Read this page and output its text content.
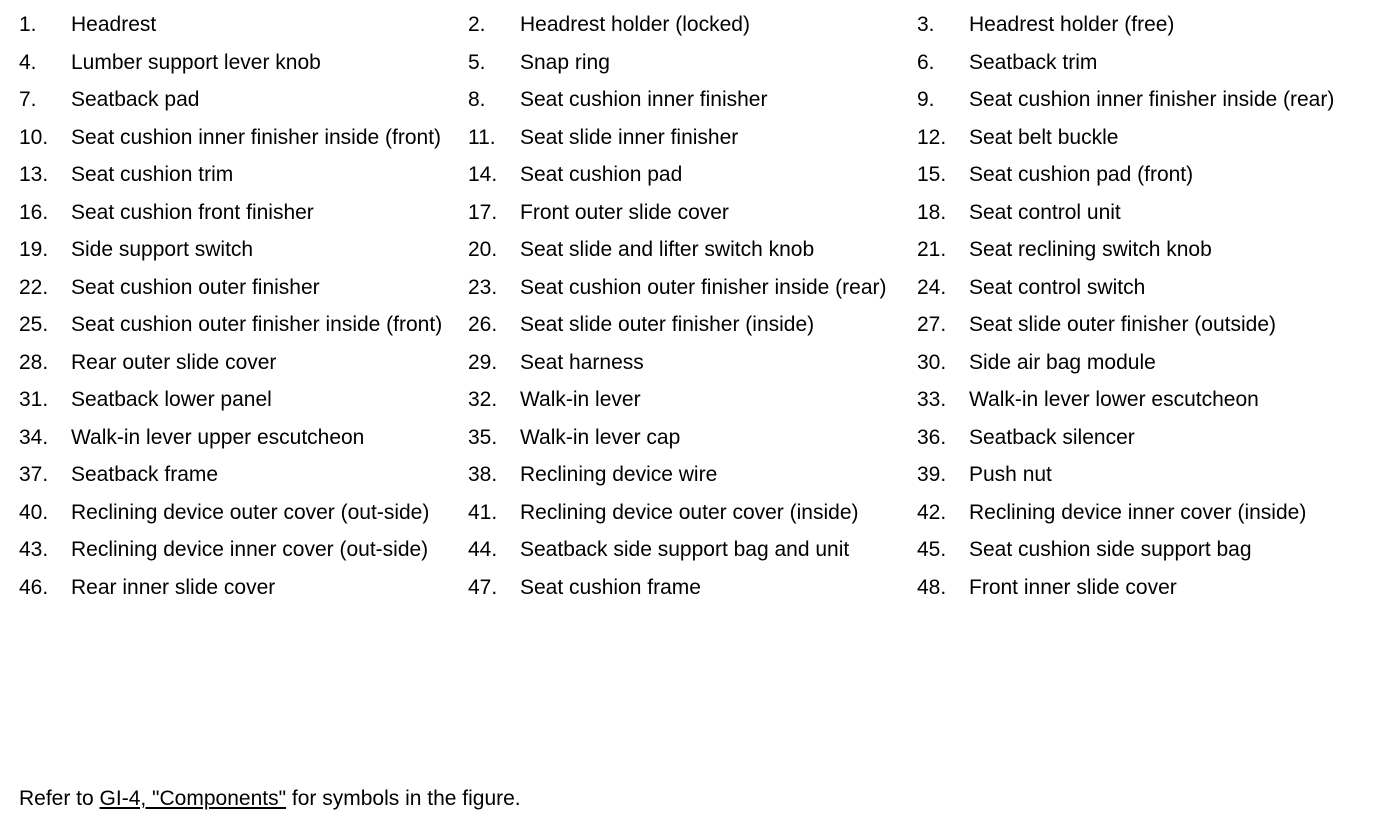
1.	Headrest	2.	Headrest holder (locked)	3.	Headrest holder (free)
4.	Lumber support lever knob	5.	Snap ring	6.	Seatback trim
7.	Seatback pad	8.	Seat cushion inner finisher	9.	Seat cushion inner finisher inside (rear)
10.	Seat cushion inner finisher inside (front)	11.	Seat slide inner finisher	12.	Seat belt buckle
13.	Seat cushion trim	14.	Seat cushion pad	15.	Seat cushion pad (front)
16.	Seat cushion front finisher	17.	Front outer slide cover	18.	Seat control unit
19.	Side support switch	20.	Seat slide and lifter switch knob	21.	Seat reclining switch knob
22.	Seat cushion outer finisher	23.	Seat cushion outer finisher inside (rear)	24.	Seat control switch
25.	Seat cushion outer finisher inside (front)	26.	Seat slide outer finisher (inside)	27.	Seat slide outer finisher (outside)
28.	Rear outer slide cover	29.	Seat harness	30.	Side air bag module
31.	Seatback lower panel	32.	Walk-in lever	33.	Walk-in lever lower escutcheon
34.	Walk-in lever upper escutcheon	35.	Walk-in lever cap	36.	Seatback silencer
37.	Seatback frame	38.	Reclining device wire	39.	Push nut
40.	Reclining device outer cover (out-side)	41.	Reclining device outer cover (inside)	42.	Reclining device inner cover (inside)
43.	Reclining device inner cover (out-side)	44.	Seatback side support bag and unit	45.	Seat cushion side support bag
46.	Rear inner slide cover	47.	Seat cushion frame	48.	Front inner slide cover
Refer to GI-4, "Components" for symbols in the figure.
